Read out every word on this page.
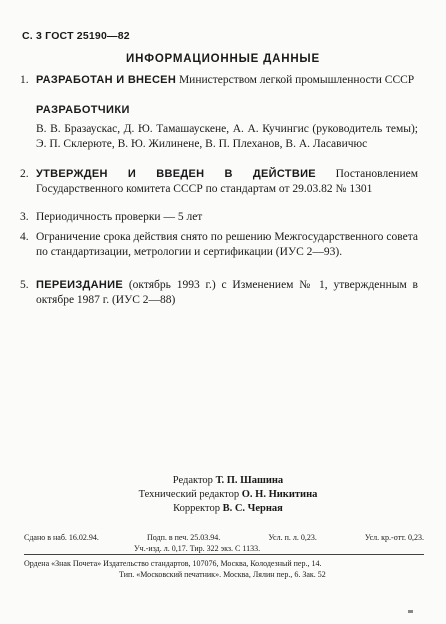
С. 3 ГОСТ 25190—82
ИНФОРМАЦИОННЫЕ ДАННЫЕ
1. РАЗРАБОТАН И ВНЕСЕН Министерством легкой промышленности СССР
РАЗРАБОТЧИКИ
В. В. Бразаускас, Д. Ю. Тамашаускене, А. А. Кучингис (руководитель темы); Э. П. Склерюте, В. Ю. Жилинене, В. П. Плеханов, В. А. Ласавичюс
2. УТВЕРЖДЕН И ВВЕДЕН В ДЕЙСТВИЕ Постановлением Государственного комитета СССР по стандартам от 29.03.82 № 1301
3. Периодичность проверки — 5 лет
4. Ограничение срока действия снято по решению Межгосударственного совета по стандартизации, метрологии и сертификации (ИУС 2—93).
5. ПЕРЕИЗДАНИЕ (октябрь 1993 г.) с Изменением № 1, утвержденным в октябре 1987 г. (ИУС 2—88)
Редактор Т. П. Шашина
Технический редактор О. Н. Никитина
Корректор В. С. Черная
Сдано в наб. 16.02.94.	Подп. в печ. 25.03.94.	Усл. п. л. 0,23.	Усл. кр.-отт. 0,23.
Уч.-изд. л. 0,17. Тир. 322 экз. С 1133.
Ордена «Знак Почета» Издательство стандартов, 107076, Москва, Колодезный пер., 14.
Тип. «Московский печатник». Москва, Лялин пер., 6. Зак. 52
